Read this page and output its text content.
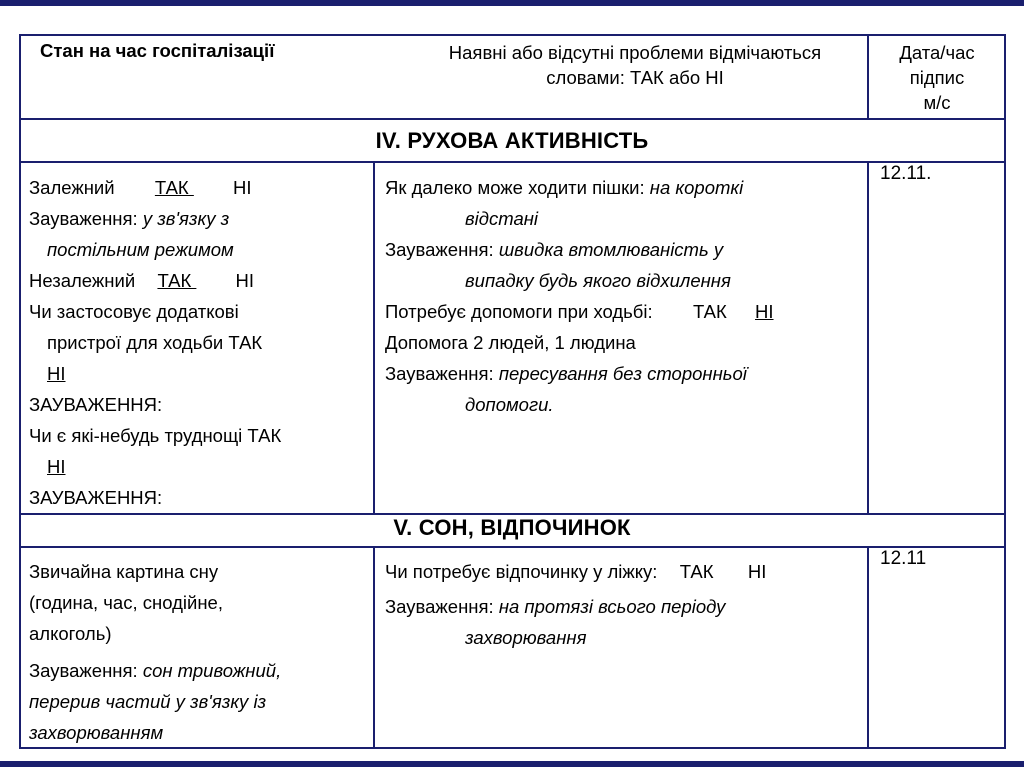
Стан на час госпіталізації	Наявні або відсутні проблеми відмічаються
словами: ТАК або НІ
Дата/час
підпис
м/с
IV. РУХОВА АКТИВНІСТЬ
Залежний ТАК  НІ
Зауваження: у зв'язку з
постільним режимом
Незалежний ТАК  НІ
Чи застосовує додаткові
пристрої для ходьби ТАК
НІ
ЗАУВАЖЕННЯ:
Чи є які-небудь труднощі ТАК
НІ
ЗАУВАЖЕННЯ:
Як далеко може ходити пішки: на короткі
відстані
Зауваження: швидка втомлюваність у
випадку будь якого відхилення
Потребує допомоги при ходьбі: ТАК НІ
Допомога 2 людей, 1 людина
Зауваження: пересування без сторонньої
допомоги.
12.11.
V. СОН, ВІДПОЧИНОК
Звичайна картина сну
(година, час, снодійне,
алкоголь)
Зауваження: сон тривожний,
перерив частий у зв'язку із
захворюванням
Чи потребує відпочинку у ліжку: ТАК НІ
Зауваження: на протязі всього періоду
захворювання
12.11
